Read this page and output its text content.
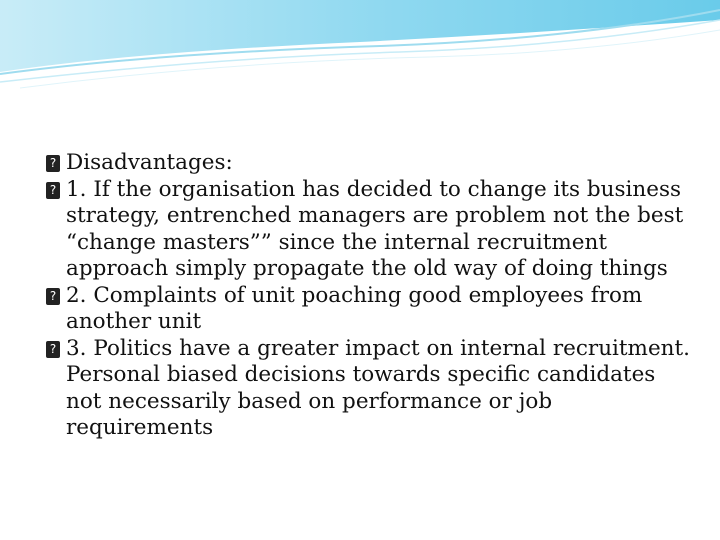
? Disadvantages:

? 1. If the organisation has decided to change its business strategy, entrenched managers are problem not the best “change masters”” since the internal recruitment approach simply propagate the old way of doing things

? 2. Complaints of unit poaching good employees from another unit

? 3. Politics have a greater impact on internal recruitment. Personal biased decisions towards specific candidates not necessarily based on performance or job requirements
